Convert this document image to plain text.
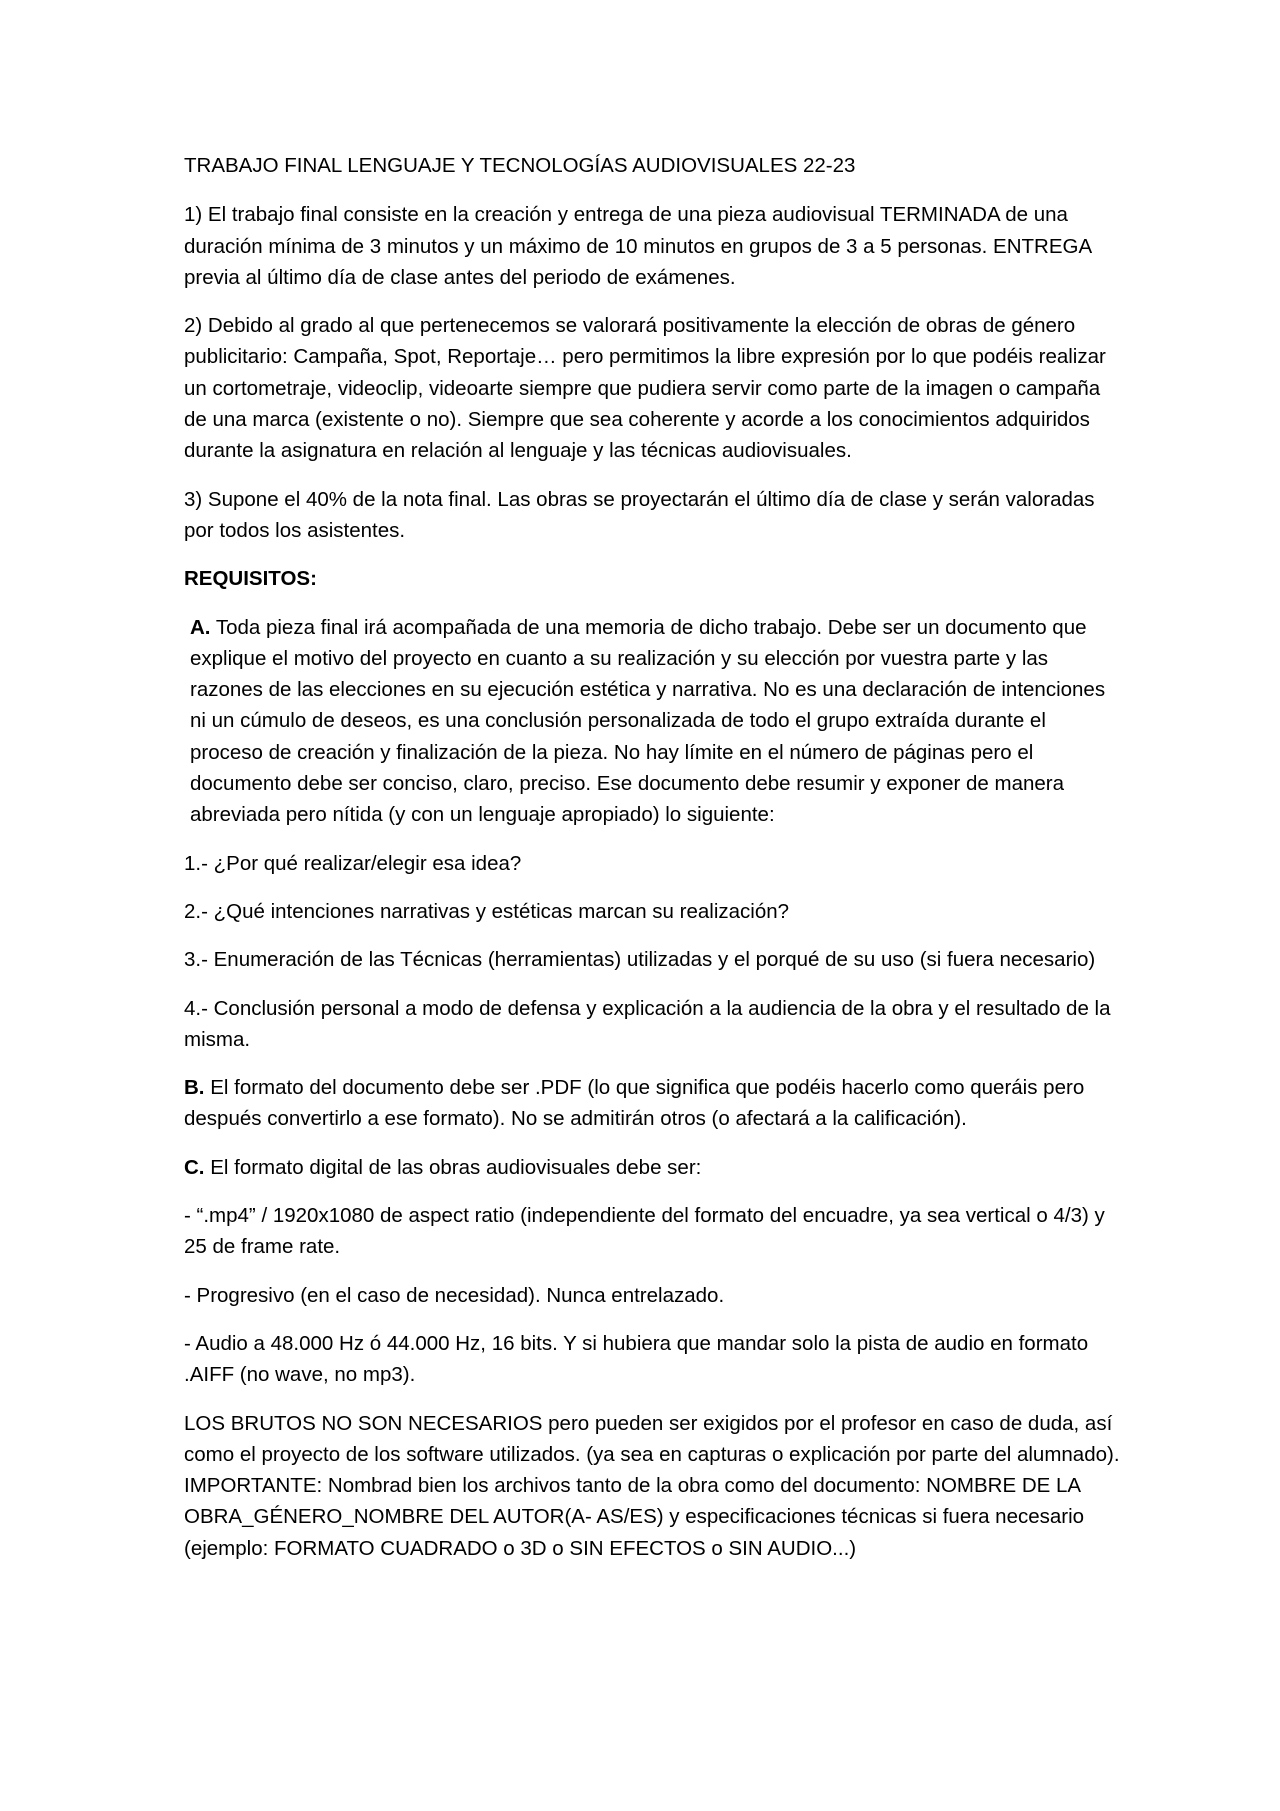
TRABAJO FINAL LENGUAJE Y TECNOLOGÍAS AUDIOVISUALES 22-23

1) El trabajo final consiste en la creación y entrega de una pieza audiovisual TERMINADA de una duración mínima de 3 minutos y un máximo de 10 minutos en grupos de 3 a 5 personas. ENTREGA previa al último día de clase antes del periodo de exámenes.

2) Debido al grado al que pertenecemos se valorará positivamente la elección de obras de género publicitario: Campaña, Spot, Reportaje… pero permitimos la libre expresión por lo que podéis realizar un cortometraje, videoclip, videoarte siempre que pudiera servir como parte de la imagen o campaña de una marca (existente o no). Siempre que sea coherente y acorde a los conocimientos adquiridos durante la asignatura en relación al lenguaje y las técnicas audiovisuales.

3) Supone el 40% de la nota final. Las obras se proyectarán el último día de clase y serán valoradas por todos los asistentes.

REQUISITOS:

A. Toda pieza final irá acompañada de una memoria de dicho trabajo. Debe ser un documento que explique el motivo del proyecto en cuanto a su realización y su elección por vuestra parte y las razones de las elecciones en su ejecución estética y narrativa. No es una declaración de intenciones ni un cúmulo de deseos, es una conclusión personalizada de todo el grupo extraída durante el proceso de creación y finalización de la pieza. No hay límite en el número de páginas pero el documento debe ser conciso, claro, preciso. Ese documento debe resumir y exponer de manera abreviada pero nítida (y con un lenguaje apropiado) lo siguiente:

1.- ¿Por qué realizar/elegir esa idea?

2.- ¿Qué intenciones narrativas y estéticas marcan su realización?

3.- Enumeración de las Técnicas (herramientas) utilizadas y el porqué de su uso (si fuera necesario)

4.- Conclusión personal a modo de defensa y explicación a la audiencia de la obra y el resultado de la misma.

B. El formato del documento debe ser .PDF (lo que significa que podéis hacerlo como queráis pero después convertirlo a ese formato). No se admitirán otros (o afectará a la calificación).

C. El formato digital de las obras audiovisuales debe ser:

- “.mp4” / 1920x1080 de aspect ratio (independiente del formato del encuadre, ya sea vertical o 4/3) y 25 de frame rate.

- Progresivo (en el caso de necesidad). Nunca entrelazado.

- Audio a 48.000 Hz ó 44.000 Hz, 16 bits. Y si hubiera que mandar solo la pista de audio en formato .AIFF (no wave, no mp3).

LOS BRUTOS NO SON NECESARIOS pero pueden ser exigidos por el profesor en caso de duda, así como el proyecto de los software utilizados. (ya sea en capturas o explicación por parte del alumnado). IMPORTANTE: Nombrad bien los archivos tanto de la obra como del documento: NOMBRE DE LA OBRA_GÉNERO_NOMBRE DEL AUTOR(A- AS/ES) y especificaciones técnicas si fuera necesario (ejemplo: FORMATO CUADRADO o 3D o SIN EFECTOS o SIN AUDIO...)
